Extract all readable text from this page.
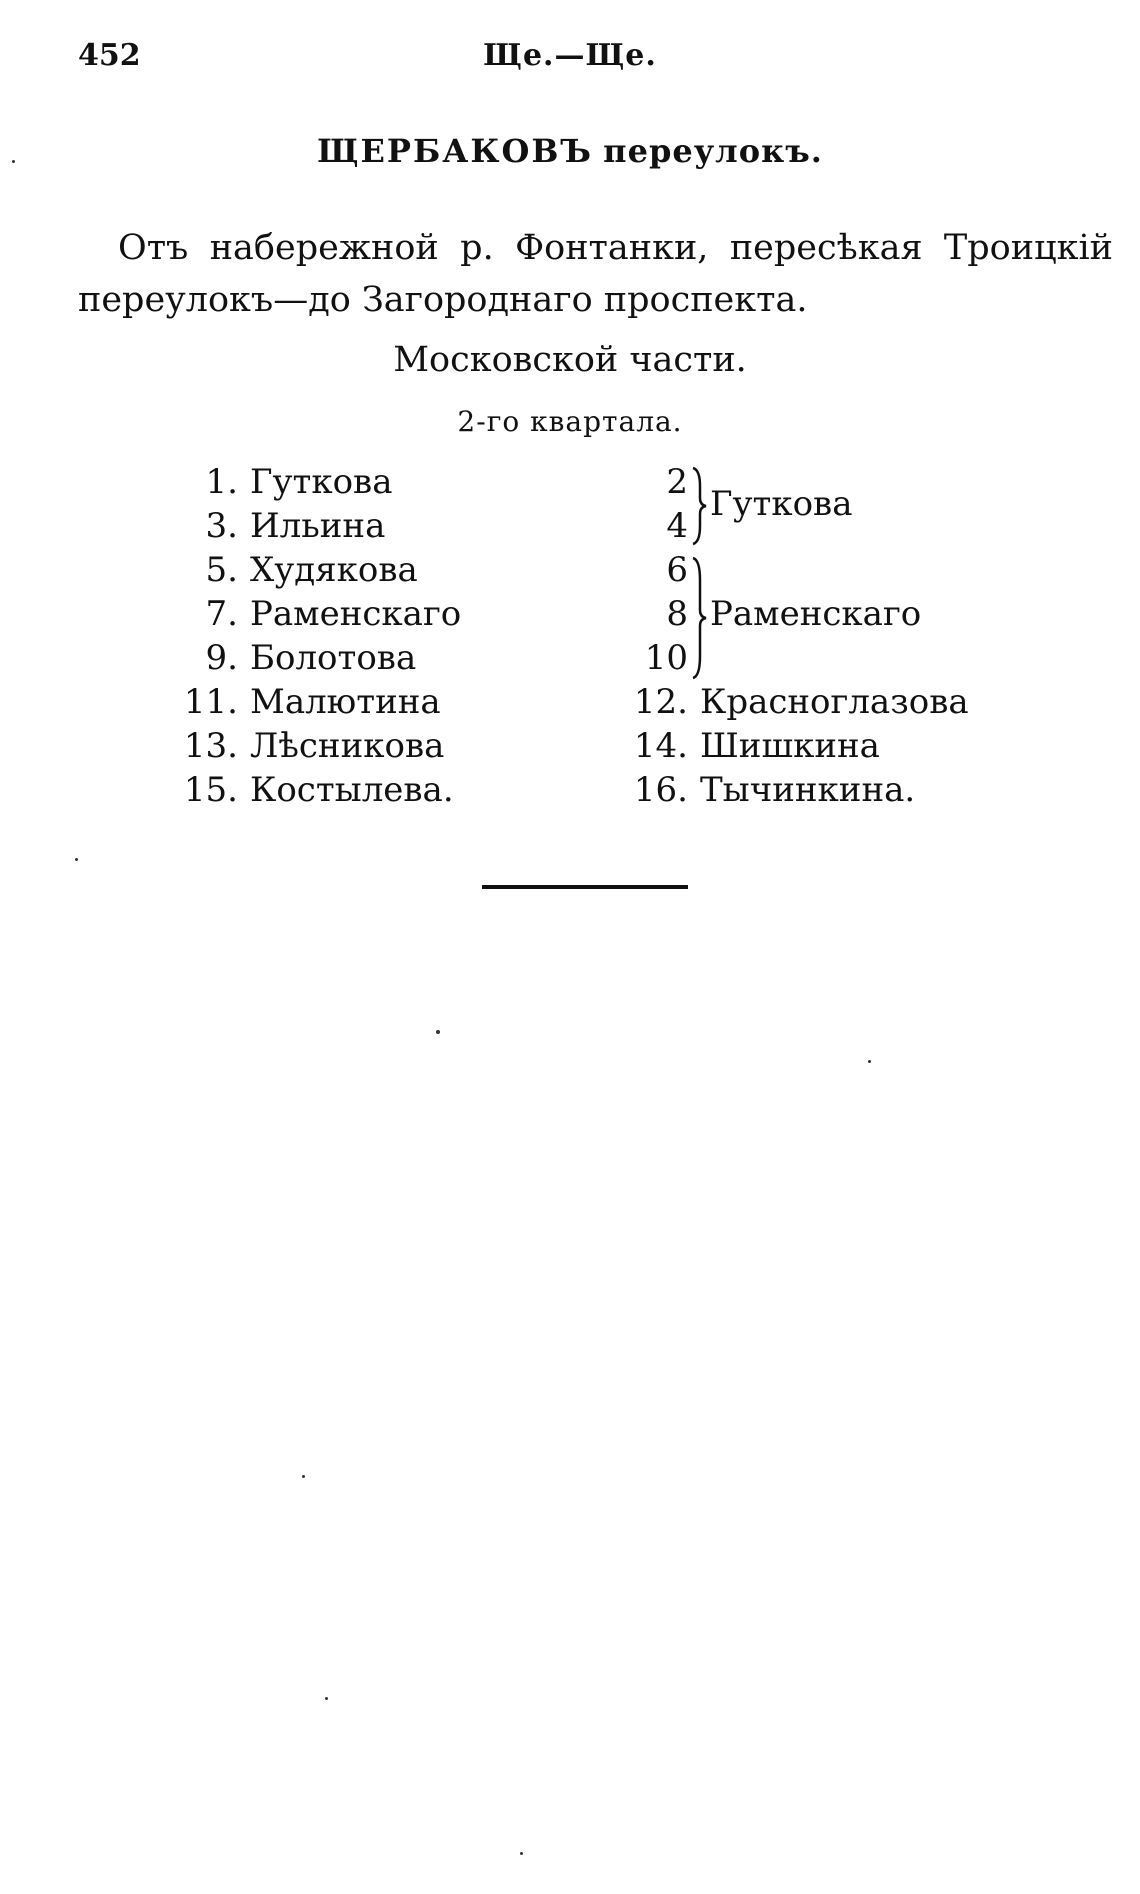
452	Ще.—Ще.
ЩЕРБАКОВЪ переулокъ.
Отъ набережной р. Фонтанки, пересѣкая Троицкій переулокъ—до Загороднаго проспекта.
Московской части.
2-го квартала.
1. Гуткова
3. Ильина
5. Худякова
7. Раменскаго
9. Болотова
11. Малютина
13. Лѣсникова
15. Костылева.
2
4
Гуткова
6
8
10
Раменскаго
12. Красноглазова
14. Шишкина
16. Тычинкина.
